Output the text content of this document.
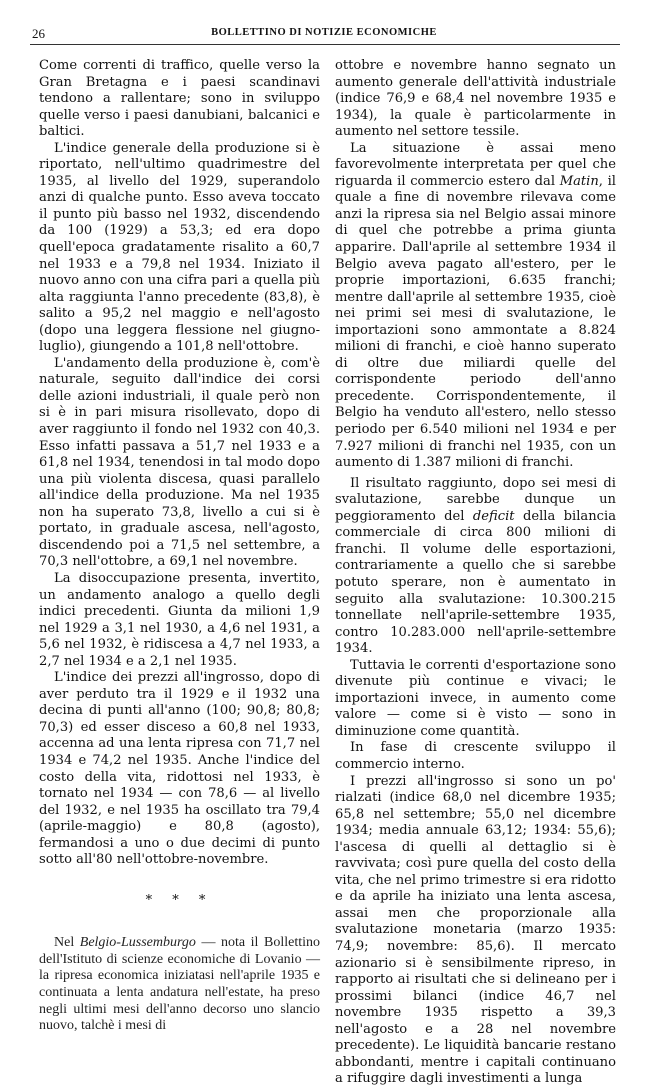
26	BOLLETTINO DI NOTIZIE ECONOMICHE

Come correnti di traffico, quelle verso la Gran Bretagna e i paesi scandinavi tendono a rallentare; sono in sviluppo quelle verso i paesi danubiani, balcanici e baltici.

L'indice generale della produzione si è riportato, nell'ultimo quadrimestre del 1935, al livello del 1929, superandolo anzi di qualche punto. Esso aveva toccato il punto più basso nel 1932, discendendo da 100 (1929) a 53,3; ed era dopo quell'epoca gradatamente risalito a 60,7 nel 1933 e a 79,8 nel 1934. Iniziato il nuovo anno con una cifra pari a quella più alta raggiunta l'anno precedente (83,8), è salito a 95,2 nel maggio e nell'agosto (dopo una leggera flessione nel giugno-luglio), giungendo a 101,8 nell'ottobre.

L'andamento della produzione è, com'è naturale, seguito dall'indice dei corsi delle azioni industriali, il quale però non si è in pari misura risollevato, dopo di aver raggiunto il fondo nel 1932 con 40,3. Esso infatti passava a 51,7 nel 1933 e a 61,8 nel 1934, tenendosi in tal modo dopo una più violenta discesa, quasi parallelo all'indice della produzione. Ma nel 1935 non ha superato 73,8, livello a cui si è portato, in graduale ascesa, nell'agosto, discendendo poi a 71,5 nel settembre, a 70,3 nell'ottobre, a 69,1 nel novembre.

La disoccupazione presenta, invertito, un andamento analogo a quello degli indici precedenti. Giunta da milioni 1,9 nel 1929 a 3,1 nel 1930, a 4,6 nel 1931, a 5,6 nel 1932, è ridiscesa a 4,7 nel 1933, a 2,7 nel 1934 e a 2,1 nel 1935.

L'indice dei prezzi all'ingrosso, dopo di aver perduto tra il 1929 e il 1932 una decina di punti all'anno (100; 90,8; 80,8; 70,3) ed esser disceso a 60,8 nel 1933, accenna ad una lenta ripresa con 71,7 nel 1934 e 74,2 nel 1935. Anche l'indice del costo della vita, ridottosi nel 1933, è tornato nel 1934 — con 78,6 — al livello del 1932, e nel 1935 ha oscillato tra 79,4 (aprile-maggio) e 80,8 (agosto), fermandosi a uno o due decimi di punto sotto all'80 nell'ottobre-novembre.

* * *

Nel Belgio-Lussemburgo — nota il Bollettino dell'Istituto di scienze economiche di Lovanio — la ripresa economica iniziatasi nell'aprile 1935 e continuata a lenta andatura nell'estate, ha preso negli ultimi mesi dell'anno decorso uno slancio nuovo, talchè i mesi di

ottobre e novembre hanno segnato un aumento generale dell'attività industriale (indice 76,9 e 68,4 nel novembre 1935 e 1934), la quale è particolarmente in aumento nel settore tessile.

La situazione è assai meno favorevolmente interpretata per quel che riguarda il commercio estero dal Matin, il quale a fine di novembre rilevava come anzi la ripresa sia nel Belgio assai minore di quel che potrebbe a prima giunta apparire. Dall'aprile al settembre 1934 il Belgio aveva pagato all'estero, per le proprie importazioni, 6.635 franchi; mentre dall'aprile al settembre 1935, cioè nei primi sei mesi di svalutazione, le importazioni sono ammontate a 8.824 milioni di franchi, e cioè hanno superato di oltre due miliardi quelle del corrispondente periodo dell'anno precedente. Corrispondentemente, il Belgio ha venduto all'estero, nello stesso periodo per 6.540 milioni nel 1934 e per 7.927 milioni di franchi nel 1935, con un aumento di 1.387 milioni di franchi.

Il risultato raggiunto, dopo sei mesi di svalutazione, sarebbe dunque un peggioramento del deficit della bilancia commerciale di circa 800 milioni di franchi. Il volume delle esportazioni, contrariamente a quello che si sarebbe potuto sperare, non è aumentato in seguito alla svalutazione: 10.300.215 tonnellate nell'aprile-settembre 1935, contro 10.283.000 nell'aprile-settembre 1934.

Tuttavia le correnti d'esportazione sono divenute più continue e vivaci; le importazioni invece, in aumento come valore — come si è visto — sono in diminuzione come quantità.

In fase di crescente sviluppo il commercio interno.

I prezzi all'ingrosso si sono un po' rialzati (indice 68,0 nel dicembre 1935; 65,8 nel settembre; 55,0 nel dicembre 1934; media annuale 63,12; 1934: 55,6); l'ascesa di quelli al dettaglio si è ravvivata; così pure quella del costo della vita, che nel primo trimestre si era ridotto e da aprile ha iniziato una lenta ascesa, assai men che proporzionale alla svalutazione monetaria (marzo 1935: 74,9; novembre: 85,6). Il mercato azionario si è sensibilmente ripreso, in rapporto ai risultati che si delineano per i prossimi bilanci (indice 46,7 nel novembre 1935 rispetto a 39,3 nell'agosto e a 28 nel novembre precedente). Le liquidità bancarie restano abbondanti, mentre i capitali continuano a rifuggire dagli investimenti a lunga
